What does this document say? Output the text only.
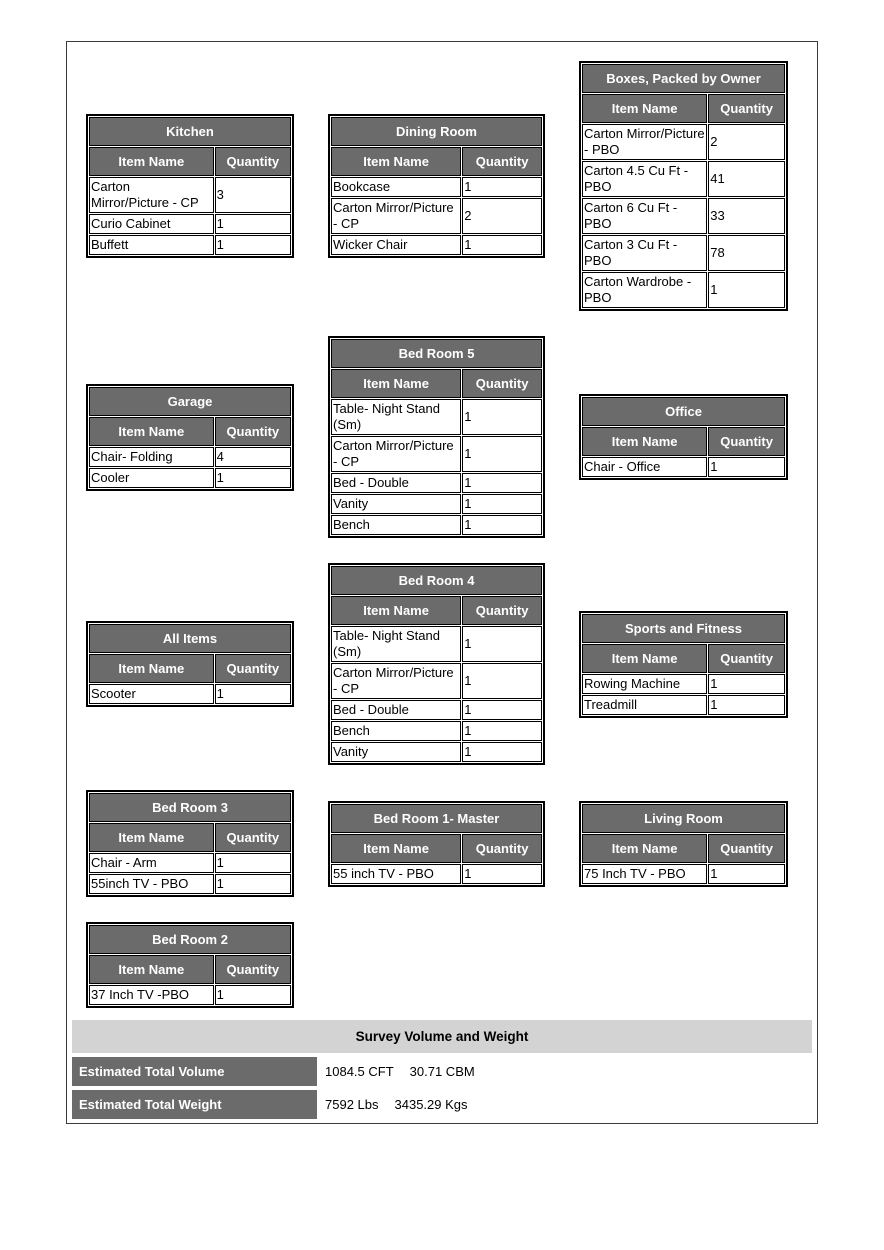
Kitchen	
Item Name	Quantity
Carton Mirror/Picture - CP	3
Curio Cabinet	1
Buffett	1
Dining Room	
Item Name	Quantity
Bookcase	1
Carton Mirror/Picture - CP	2
Wicker Chair	1
Boxes, Packed by Owner	
Item Name	Quantity
Carton Mirror/Picture - PBO	2
Carton 4.5 Cu Ft - PBO	41
Carton 6 Cu Ft - PBO	33
Carton 3 Cu Ft - PBO	78
Carton Wardrobe - PBO	1
Garage	
Item Name	Quantity
Chair- Folding	4
Cooler	1
Bed Room 5	
Item Name	Quantity
Table- Night Stand (Sm)	1
Carton Mirror/Picture - CP	1
Bed - Double	1
Vanity	1
Bench	1
Office	
Item Name	Quantity
Chair - Office	1
All Items	
Item Name	Quantity
Scooter	1
Bed Room 4	
Item Name	Quantity
Table- Night Stand (Sm)	1
Carton Mirror/Picture - CP	1
Bed - Double	1
Bench	1
Vanity	1
Sports and Fitness	
Item Name	Quantity
Rowing Machine	1
Treadmill	1
Bed Room 3	
Item Name	Quantity
Chair - Arm	1
55inch TV - PBO	1
Bed Room 1- Master	
Item Name	Quantity
55 inch TV - PBO	1
Living Room	
Item Name	Quantity
75 Inch TV - PBO	1
Bed Room 2	
Item Name	Quantity
37 Inch TV -PBO	1
Survey Volume and Weight
Estimated Total Volume	1084.5 CFT 30.71 CBM
Estimated Total Weight	7592 Lbs 3435.29 Kgs
